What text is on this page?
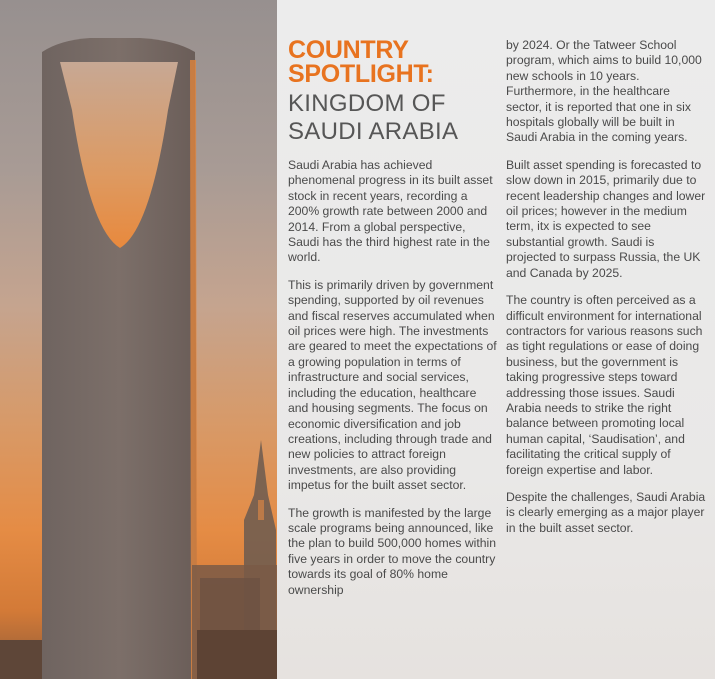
COUNTRY
SPOTLIGHT:
KINGDOM OF
SAUDI ARABIA

Saudi Arabia has achieved phenomenal progress in its built asset stock in recent years, recording a 200% growth rate between 2000 and 2014. From a global perspective, Saudi has the third highest rate in the world.

This is primarily driven by government spending, supported by oil revenues and fiscal reserves accumulated when oil prices were high. The investments are geared to meet the expectations of a growing population in terms of infrastructure and social services, including the education, healthcare and housing segments. The focus on economic diversification and job creations, including through trade and new policies to attract foreign investments, are also providing impetus for the built asset sector.

The growth is manifested by the large scale programs being announced, like the plan to build 500,000 homes within five years in order to move the country towards its goal of 80% home ownership

by 2024. Or the Tatweer School program, which aims to build 10,000 new schools in 10 years. Furthermore, in the healthcare sector, it is reported that one in six hospitals globally will be built in Saudi Arabia in the coming years.

Built asset spending is forecasted to slow down in 2015, primarily due to recent leadership changes and lower oil prices; however in the medium term, itx is expected to see substantial growth. Saudi is projected to surpass Russia, the UK and Canada by 2025.

The country is often perceived as a difficult environment for international contractors for various reasons such as tight regulations or ease of doing business, but the government is taking progressive steps toward addressing those issues. Saudi Arabia needs to strike the right balance between promoting local human capital, ‘Saudisation’, and facilitating the critical supply of foreign expertise and labor.

Despite the challenges, Saudi Arabia is clearly emerging as a major player in the built asset sector.
